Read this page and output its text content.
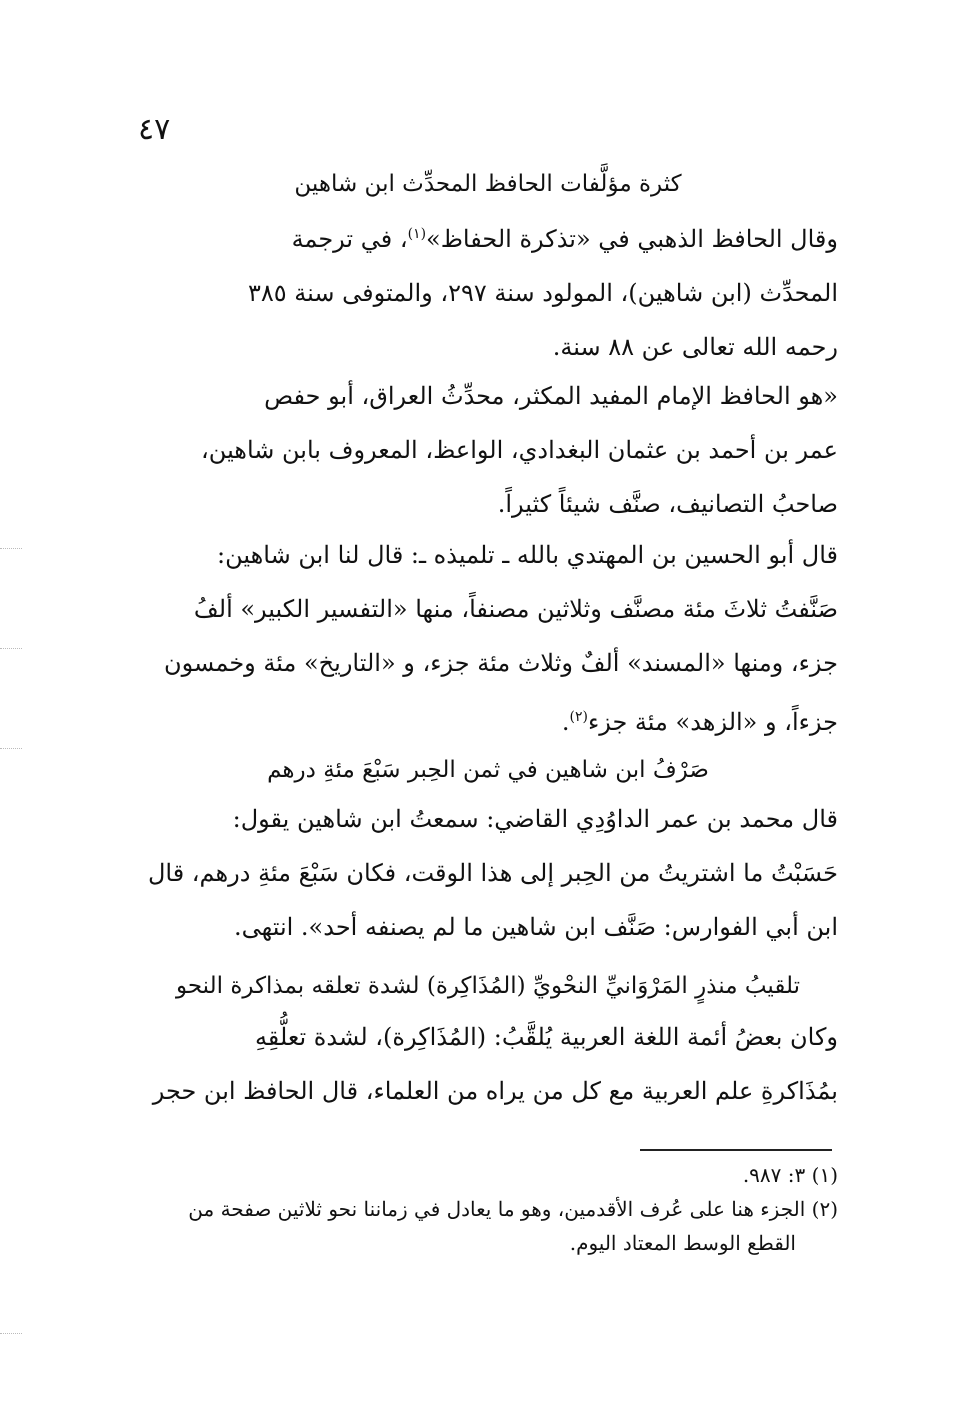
٤٧
كثرة مؤلَّفات الحافظ المحدِّث ابن شاهين
وقال الحافظ الذهبي في «تذكرة الحفاظ»$^{(١)}$، في ترجمة
المحدِّث (ابن شاهين)، المولود سنة ٢٩٧، والمتوفى سنة ٣٨٥
رحمه الله تعالى عن ٨٨ سنة.
«هو الحافظ الإمام المفيد المكثر، محدِّثُ العراق، أبو حفص
عمر بن أحمد بن عثمان البغدادي، الواعظ، المعروف بابن شاهين،
صاحبُ التصانيف، صنَّف شيئاً كثيراً.
قال أبو الحسين بن المهتدي بالله ـ تلميذه ـ: قال لنا ابن شاهين:
صَنَّفتُ ثلاثَ مئة مصنَّف وثلاثين مصنفاً، منها «التفسير الكبير» ألفُ
جزء، ومنها «المسند» ألفٌ وثلاث مئة جزء، و «التاريخ» مئة وخمسون
جزءاً، و «الزهد» مئة جزء$^{(٢)}$.
صَرْفُ ابن شاهين في ثمن الحِبر سَبْعَ مئةِ درهم
قال محمد بن عمر الداوُدِي القاضي: سمعتُ ابن شاهين يقول:
حَسَبْتُ ما اشتريتُ من الحِبر إلى هذا الوقت، فكان سَبْعَ مئةِ درهم، قال
ابن أبي الفوارس: صَنَّف ابن شاهين ما لم يصنفه أحد». انتهى.
تلقيبُ منذرٍ المَرْوَانيِّ النحْويِّ (المُذَاكِرة) لشدة تعلقه بمذاكرة النحو
وكان بعضُ أئمة اللغة العربية يُلقَّبُ: (المُذَاكِرة)، لشدة تعلُّقِهِ
بمُذَاكرةِ علم العربية مع كل من يراه من العلماء، قال الحافظ ابن حجر
(١) ٣: ٩٨٧.
(٢) الجزء هنا على عُرف الأقدمين، وهو ما يعادل في زماننا نحو ثلاثين صفحة من
القطع الوسط المعتاد اليوم.
